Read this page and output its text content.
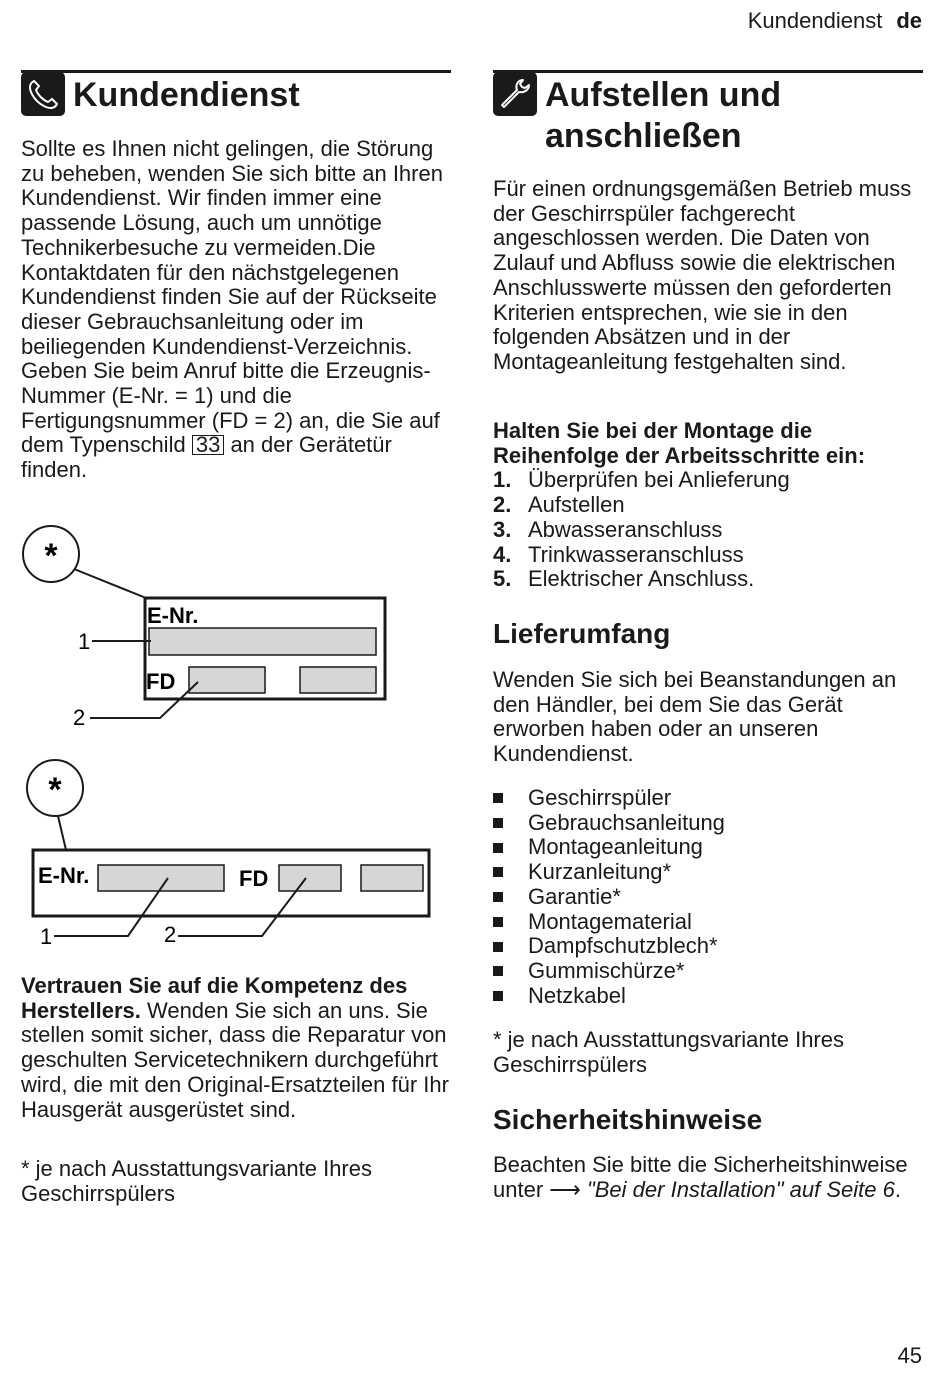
Kundendienst de
Kundendienst

Sollte es Ihnen nicht gelingen, die Störung zu beheben, wenden Sie sich bitte an Ihren Kundendienst. Wir finden immer eine passende Lösung, auch um unnötige Technikerbesuche zu vermeiden.Die Kontaktdaten für den nächstgelegenen Kundendienst finden Sie auf der Rückseite dieser Gebrauchsanleitung oder im beiliegenden Kundendienst-Verzeichnis. Geben Sie beim Anruf bitte die Erzeugnis-Nummer (E-Nr. = 1) und die Fertigungsnummer (FD = 2) an, die Sie auf dem Typenschild 33 an der Gerätetür finden.

*
E-Nr.
FD
1
2
*
E-Nr.	FD
1	2

Vertrauen Sie auf die Kompetenz des Herstellers. Wenden Sie sich an uns. Sie stellen somit sicher, dass die Reparatur von geschulten Servicetechnikern durchgeführt wird, die mit den Original-Ersatzteilen für Ihr Hausgerät ausgerüstet sind.

* je nach Ausstattungsvariante Ihres Geschirrspülers

Aufstellen und
anschließen

Für einen ordnungsgemäßen Betrieb muss der Geschirrspüler fachgerecht angeschlossen werden. Die Daten von Zulauf und Abfluss sowie die elektrischen Anschlusswerte müssen den geforderten Kriterien entsprechen, wie sie in den folgenden Absätzen und in der Montageanleitung festgehalten sind.

Halten Sie bei der Montage die Reihenfolge der Arbeitsschritte ein:

1. Überprüfen bei Anlieferung
2. Aufstellen
3. Abwasseranschluss
4. Trinkwasseranschluss
5. Elektrischer Anschluss.
Lieferumfang

Wenden Sie sich bei Beanstandungen an den Händler, bei dem Sie das Gerät erworben haben oder an unseren Kundendienst.

Geschirrspüler
Gebrauchsanleitung
Montageanleitung
Kurzanleitung*
Garantie*
Montagematerial
Dampfschutzblech*
Gummischürze*
Netzkabel

* je nach Ausstattungsvariante Ihres Geschirrspülers

Sicherheitshinweise

Beachten Sie bitte die Sicherheitshinweise unter ⟶ "Bei der Installation" auf Seite 6.

45
